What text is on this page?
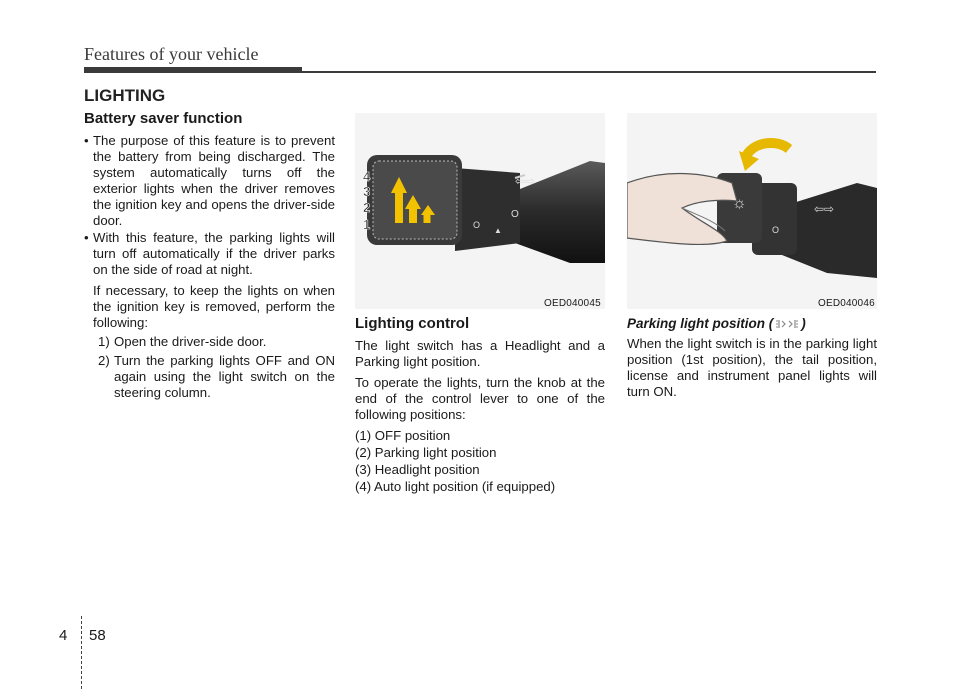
Features of your vehicle
LIGHTING
Battery saver function
• The purpose of this feature is to prevent the battery from being discharged. The system automatically turns off the exterior lights when the driver removes the ignition key and opens the driver-side door.
• With this feature, the parking lights will turn off automatically if the driver parks on the side of road at night.
If necessary, to keep the lights on when the ignition key is removed, perform the following:
1) Open the driver-side door.
2) Turn the parking lights OFF and ON again using the light switch on the steering column.
⇦⇨
O
O
▲
4
3
2
1
OED040045
☼	⇦⇨
O
OED040046
Lighting control
The light switch has a Headlight and a Parking light position.
To operate the lights, turn the knob at the end of the control lever to one of the following positions:
(1) OFF position
(2) Parking light position
(3) Headlight position
(4) Auto light position (if equipped)
Parking light position ( )
When the light switch is in the parking light position (1st position), the tail position, license and instrument panel lights will turn ON.
4 58
